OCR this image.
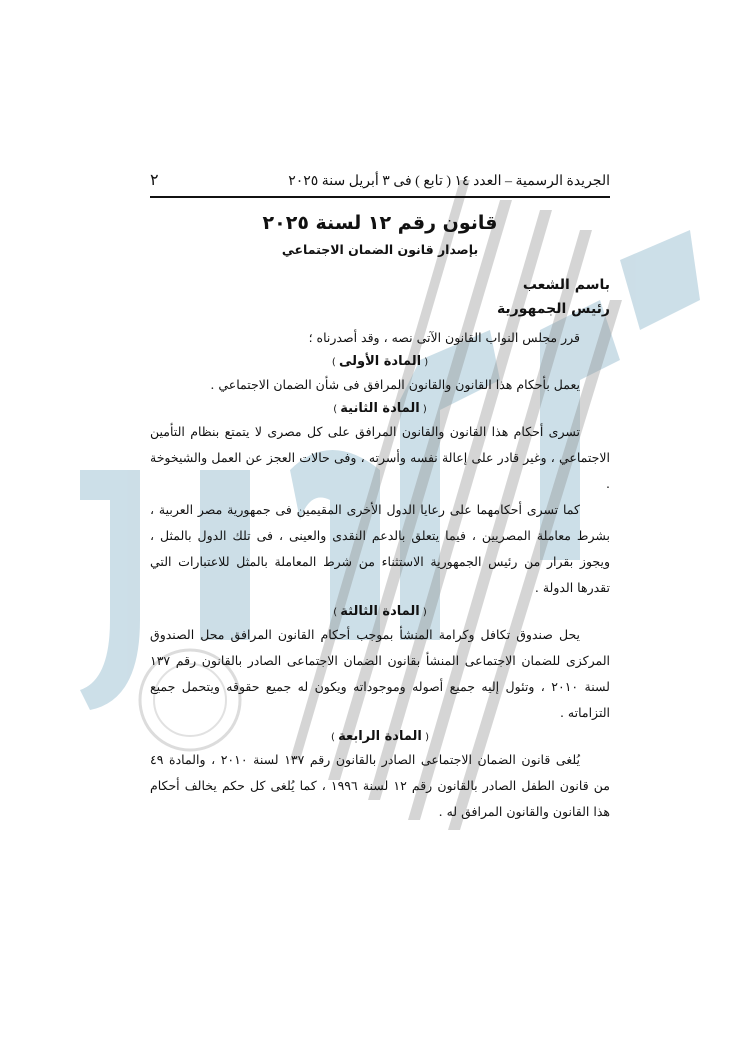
الجريدة الرسمية – العدد ١٤ ( تابع ) فى ٣ أبريل سنة ٢٠٢٥
٢
قانون رقم ١٢ لسنة ٢٠٢٥
بإصدار قانون الضمان الاجتماعي
باسم الشعب
رئيس الجمهورية

قرر مجلس النواب القانون الآتى نصه ، وقد أصدرناه ؛

( المادة الأولى )

يعمل بأحكام هذا القانون والقانون المرافق فى شأن الضمان الاجتماعي .

( المادة الثانية )

تسرى أحكام هذا القانون والقانون المرافق على كل مصرى لا يتمتع بنظام التأمين الاجتماعي ، وغير قادر على إعالة نفسه وأسرته ، وفى حالات العجز عن العمل والشيخوخة .

كما تسرى أحكامهما على رعايا الدول الأخرى المقيمين فى جمهورية مصر العربية ، بشرط معاملة المصريين ، فيما يتعلق بالدعم النقدى والعينى ، فى تلك الدول بالمثل ، ويجوز بقرار من رئيس الجمهورية الاستثناء من شرط المعاملة بالمثل للاعتبارات التي تقدرها الدولة .

( المادة الثالثة )

يحل صندوق تكافل وكرامة المنشأ بموجب أحكام القانون المرافق محل الصندوق المركزى للضمان الاجتماعى المنشأ بقانون الضمان الاجتماعى الصادر بالقانون رقم ١٣٧ لسنة ٢٠١٠ ، وتئول إليه جميع أصوله وموجوداته ويكون له جميع حقوقه ويتحمل جميع التزاماته .

( المادة الرابعة )

يُلغى قانون الضمان الاجتماعى الصادر بالقانون رقم ١٣٧ لسنة ٢٠١٠ ، والمادة ٤٩ من قانون الطفل الصادر بالقانون رقم ١٢ لسنة ١٩٩٦ ، كما يُلغى كل حكم يخالف أحكام هذا القانون والقانون المرافق له .
